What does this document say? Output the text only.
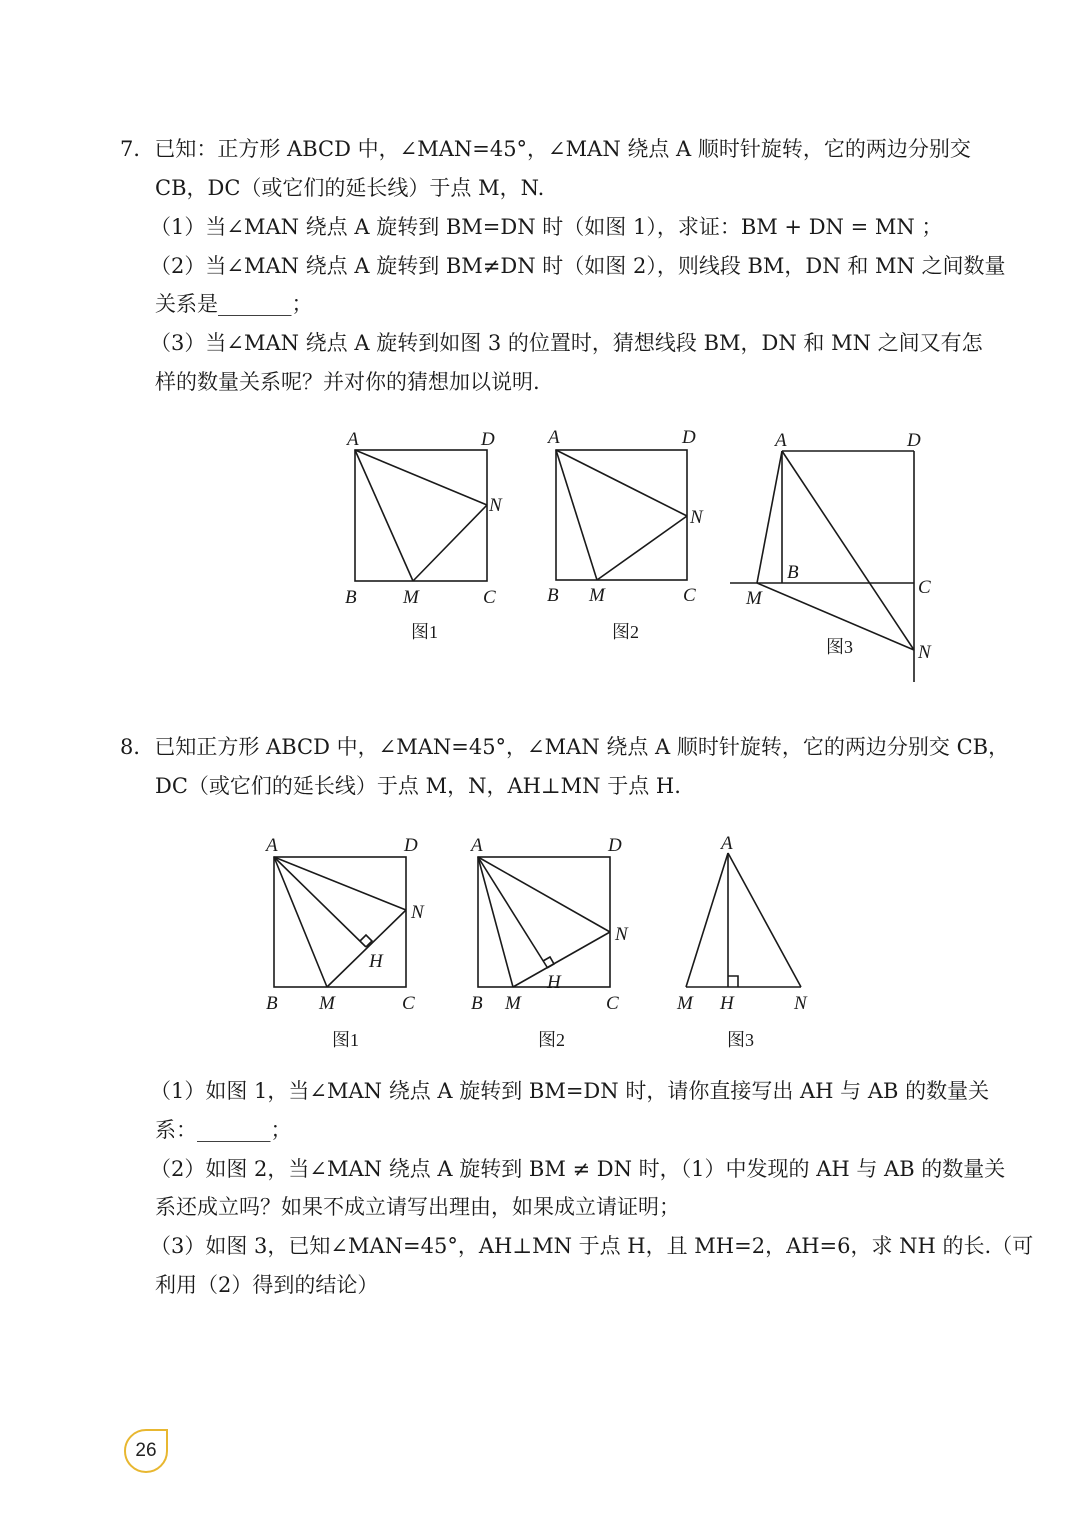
7．已知：正方形 ABCD 中，∠MAN=45°，∠MAN 绕点 A 顺时针旋转，它的两边分别交
CB，DC（或它们的延长线）于点 M，N.
（1）当∠MAN 绕点 A 旋转到 BM=DN 时（如图 1），求证：BM + DN = MN ；
（2）当∠MAN 绕点 A 旋转到 BM≠DN 时（如图 2），则线段 BM，DN 和 MN 之间数量
关系是_______；
（3）当∠MAN 绕点 A 旋转到如图 3 的位置时，猜想线段 BM，DN 和 MN 之间又有怎
样的数量关系呢？并对你的猜想加以说明.
8．已知正方形 ABCD 中，∠MAN=45°，∠MAN 绕点 A 顺时针旋转，它的两边分别交 CB，
DC（或它们的延长线）于点 M，N，AH⊥MN 于点 H.
（1）如图 1，当∠MAN 绕点 A 旋转到 BM=DN 时，请你直接写出 AH 与 AB 的数量关
系：_______；
（2）如图 2，当∠MAN 绕点 A 旋转到 BM ≠ DN 时，（1）中发现的 AH 与 AB 的数量关
系还成立吗？如果不成立请写出理由，如果成立请证明；
（3）如图 3，已知∠MAN=45°，AH⊥MN 于点 H，且 MH=2，AH=6，求 NH 的长.（可
利用（2）得到的结论）
A	D
N
B M	C
图1
A	D
N
B M	C
图2
A	D
B
C
M
N
图3
A	D
N
H
B M	C
图1
A	D
N
H
B M	C
图2
A
M H	N
图3
26
